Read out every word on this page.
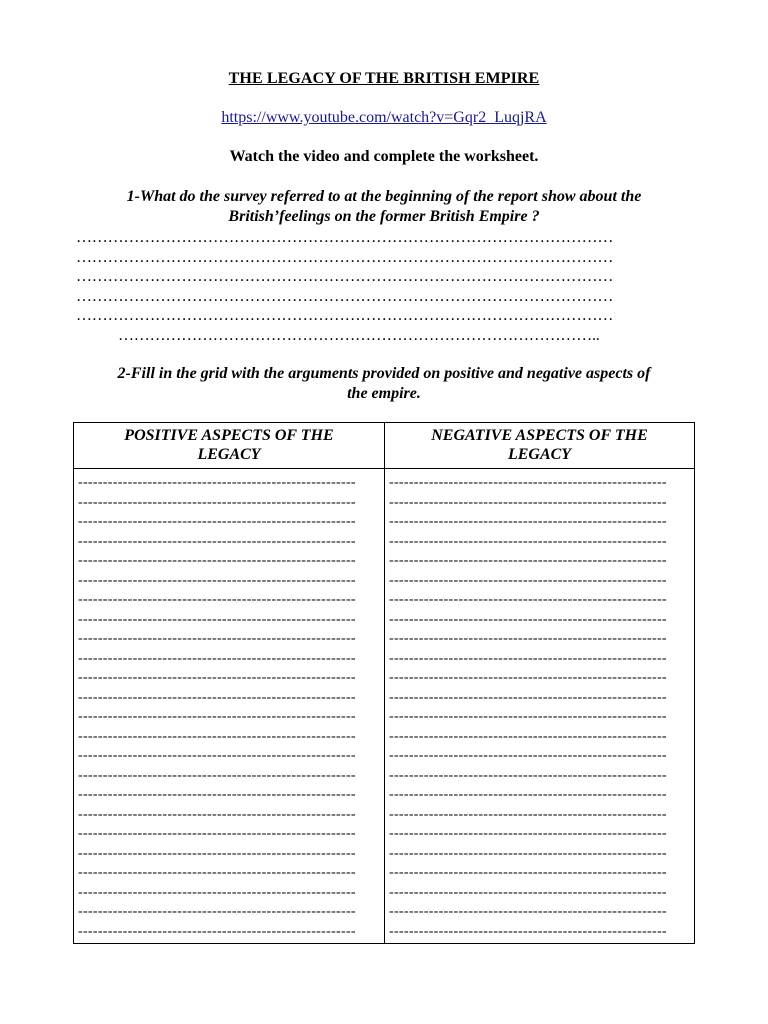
THE LEGACY OF THE BRITISH EMPIRE
https://www.youtube.com/watch?v=Gqr2_LuqjRA
Watch the video and complete the worksheet.
1-What do the survey referred to at the beginning of the report show about the
British’feelings on the former British Empire ?
…………………………………………………………………………………………
…………………………………………………………………………………………
…………………………………………………………………………………………
…………………………………………………………………………………………
…………………………………………………………………………………………
………………………………………………………………………………..
2-Fill in the grid with the arguments provided on positive and negative aspects of
the empire.
POSITIVE ASPECTS OF THE
LEGACY
NEGATIVE ASPECTS OF THE
LEGACY
--------------------------------------------------------
--------------------------------------------------------
--------------------------------------------------------
--------------------------------------------------------
--------------------------------------------------------
--------------------------------------------------------
--------------------------------------------------------
--------------------------------------------------------
--------------------------------------------------------
--------------------------------------------------------
--------------------------------------------------------
--------------------------------------------------------
--------------------------------------------------------
--------------------------------------------------------
--------------------------------------------------------
--------------------------------------------------------
--------------------------------------------------------
--------------------------------------------------------
--------------------------------------------------------
--------------------------------------------------------
--------------------------------------------------------
--------------------------------------------------------
--------------------------------------------------------
--------------------------------------------------------
--------------------------------------------------------
--------------------------------------------------------
--------------------------------------------------------
--------------------------------------------------------
--------------------------------------------------------
--------------------------------------------------------
--------------------------------------------------------
--------------------------------------------------------
--------------------------------------------------------
--------------------------------------------------------
--------------------------------------------------------
--------------------------------------------------------
--------------------------------------------------------
--------------------------------------------------------
--------------------------------------------------------
--------------------------------------------------------
--------------------------------------------------------
--------------------------------------------------------
--------------------------------------------------------
--------------------------------------------------------
--------------------------------------------------------
--------------------------------------------------------
--------------------------------------------------------
--------------------------------------------------------
